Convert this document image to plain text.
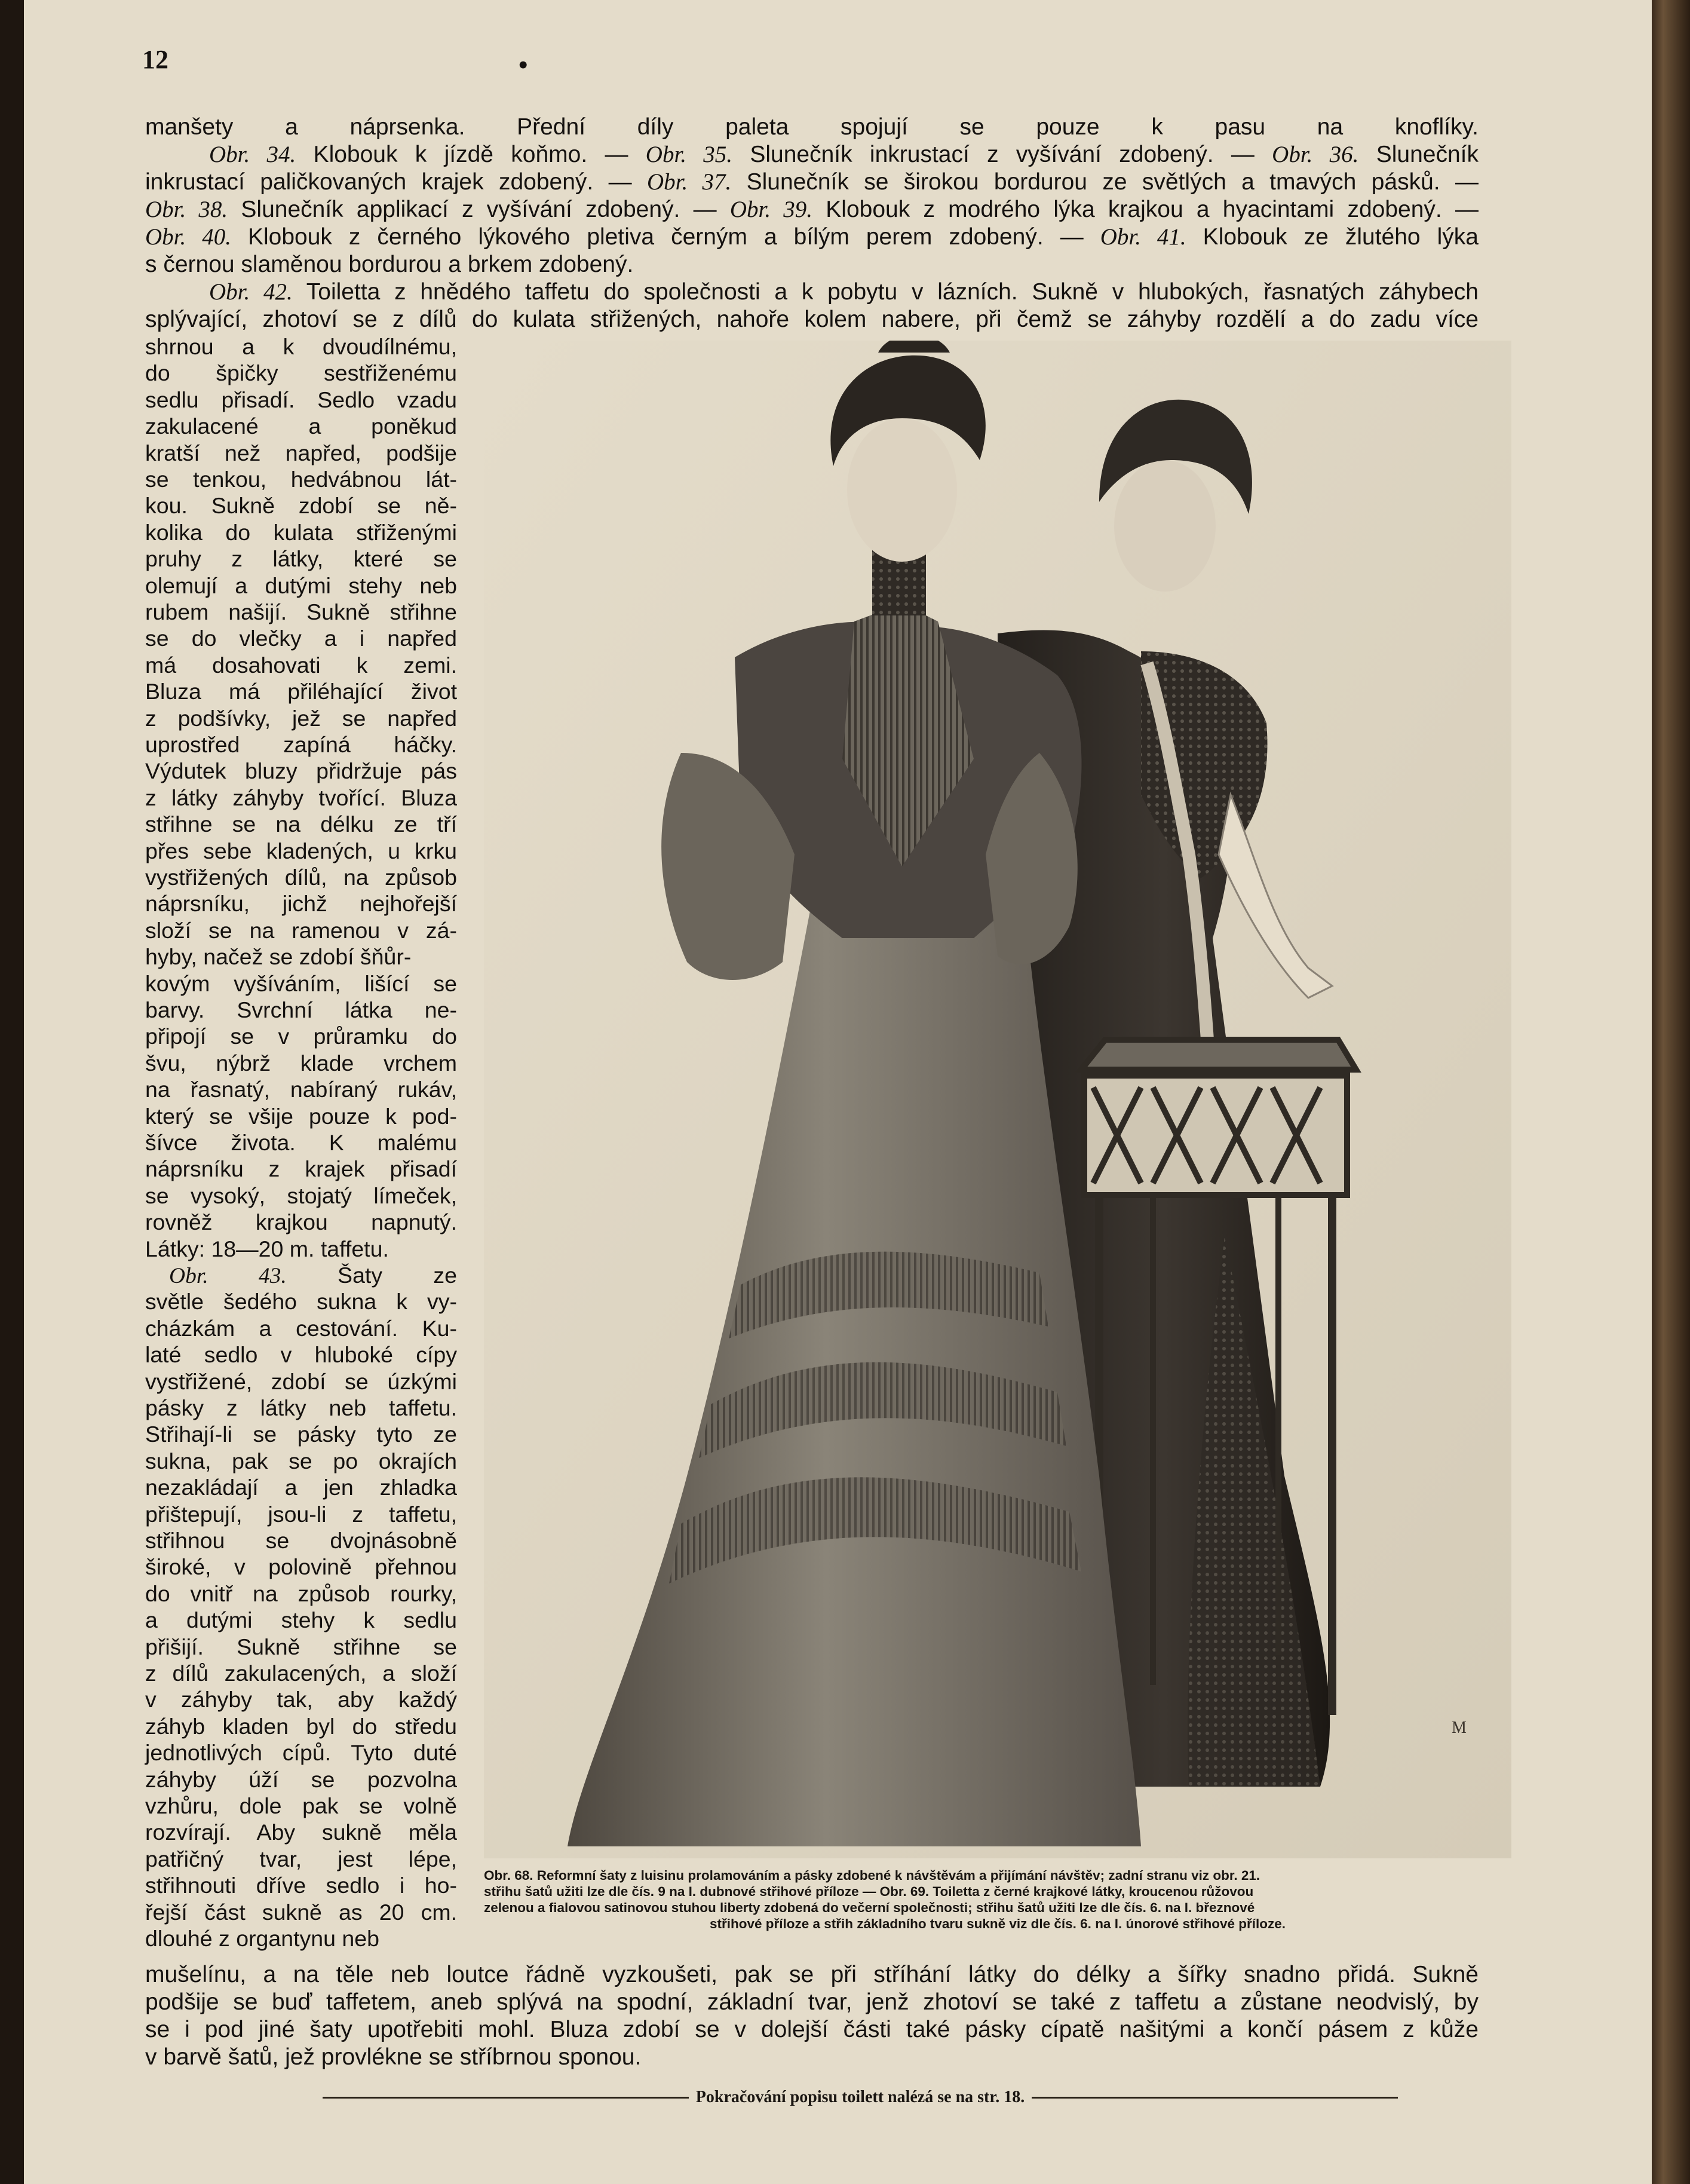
12	•
manšety a náprsenka. Přední díly paleta spojují se pouze k pasu na knoflíky.
Obr. 34. Klobouk k jízdě koňmo. — Obr. 35. Slunečník inkrustací z vyšívání zdobený. — Obr. 36. Slunečník
inkrustací paličkovaných krajek zdobený. — Obr. 37. Slunečník se širokou bordurou ze světlých a tmavých pásků. —
Obr. 38. Slunečník applikací z vyšívání zdobený. — Obr. 39. Klobouk z modrého lýka krajkou a hyacintami zdobený. —
Obr. 40. Klobouk z černého lýkového pletiva černým a bílým perem zdobený. — Obr. 41. Klobouk ze žlutého lýka
s černou slaměnou bordurou a brkem zdobený.
Obr. 42. Toiletta z hnědého taffetu do společnosti a k pobytu v lázních. Sukně v hlubokých, řasnatých záhybech
splývající, zhotoví se z dílů do kulata střižených, nahoře kolem nabere, při čemž se záhyby rozdělí a do zadu více
shrnou a k dvoudílnému,
do špičky sestřiženému
sedlu přisadí. Sedlo vzadu
zakulacené a poněkud
kratší než napřed, podšije
se tenkou, hedvábnou lát-
kou. Sukně zdobí se ně-
kolika do kulata střiženými
pruhy z látky, které se
olemují a dutými stehy neb
rubem našijí. Sukně střihne
se do vlečky a i napřed
má dosahovati k zemi.
Bluza má přiléhající život
z podšívky, jež se napřed
uprostřed zapíná háčky.
Výdutek bluzy přidržuje pás
z látky záhyby tvořící. Bluza
střihne se na délku ze tří
přes sebe kladených, u krku
vystřižených dílů, na způsob
náprsníku, jichž nejhořejší
složí se na ramenou v zá-
hyby, načež se zdobí šňůr-
kovým vyšíváním, lišící se
barvy. Svrchní látka ne-
připojí se v průramku do
švu, nýbrž klade vrchem
na řasnatý, nabíraný rukáv,
který se všije pouze k pod-
šívce života. K malému
náprsníku z krajek přisadí
se vysoký, stojatý límeček,
rovněž krajkou napnutý.
Látky: 18—20 m. taffetu.
Obr. 43. Šaty ze
světle šedého sukna k vy-
cházkám a cestování. Ku-
laté sedlo v hluboké cípy
vystřižené, zdobí se úzkými
pásky z látky neb taffetu.
Střihají-li se pásky tyto ze
sukna, pak se po okrajích
nezakládají a jen zhladka
přištepují, jsou-li z taffetu,
střihnou se dvojnásobně
široké, v polovině přehnou
do vnitř na způsob rourky,
a dutými stehy k sedlu
přišijí. Sukně střihne se
z dílů zakulacených, a složí
v záhyby tak, aby každý
záhyb kladen byl do středu
jednotlivých cípů. Tyto duté
záhyby úží se pozvolna
vzhůru, dole pak se volně
rozvírají. Aby sukně měla
patřičný tvar, jest lépe,
střihnouti dříve sedlo i ho-
řejší část sukně as 20 cm.
dlouhé z organtynu neb
M
Obr. 68. Reformní šaty z luisinu prolamováním a pásky zdobené k návštěvám a přijímání návštěv; zadní stranu viz obr. 21.
střihu šatů užiti lze dle čís. 9 na I. dubnové střihové příloze — Obr. 69. Toiletta z černé krajkové látky, kroucenou růžovou
zelenou a fialovou satinovou stuhou liberty zdobená do večerní společnosti; střihu šatů užiti lze dle čís. 6. na I. březnové
střihové příloze a střih základního tvaru sukně viz dle čís. 6. na I. únorové střihové příloze.
mušelínu, a na těle neb loutce řádně vyzkoušeti, pak se při stříhání látky do délky a šířky snadno přidá. Sukně
podšije se buď taffetem, aneb splývá na spodní, základní tvar, jenž zhotoví se také z taffetu a zůstane neodvislý, by
se i pod jiné šaty upotřebiti mohl. Bluza zdobí se v dolejší části také pásky cípatě našitými a končí pásem z kůže
v barvě šatů, jež provlékne se stříbrnou sponou.
Pokračování popisu toilett nalézá se na str. 18.
